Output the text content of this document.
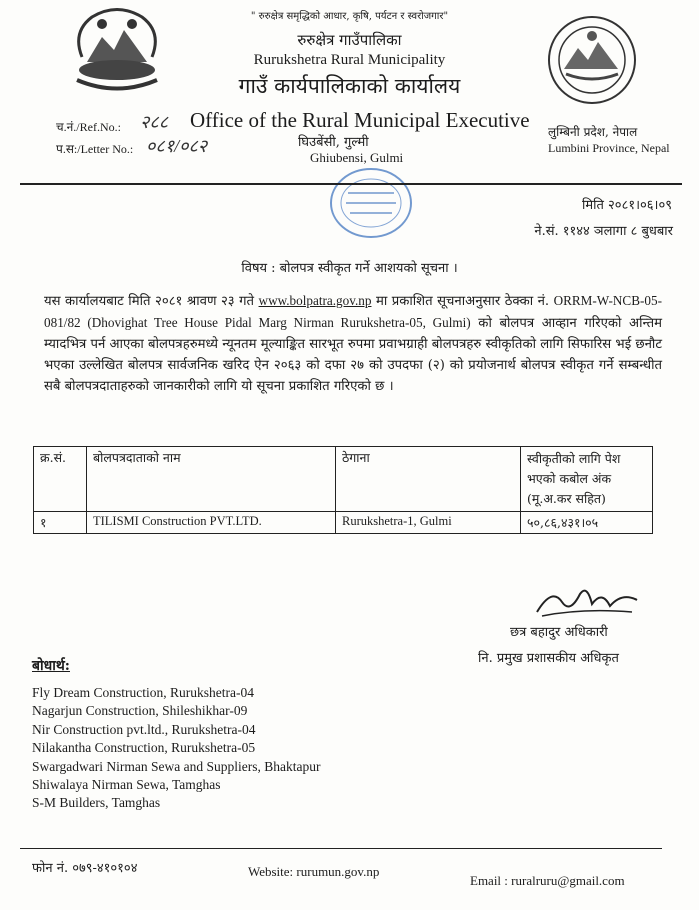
" रुरुक्षेत्र समृद्धिको आधार, कृषि, पर्यटन र स्वरोजगार"
रुरुक्षेत्र गाउँपालिका
Rurukshetra Rural Municipality
गाउँ कार्यपालिकाको कार्यालय
Office of the Rural Municipal Executive
च.नं./Ref.No.: २८८
प.स:/Letter No.: ०८१/०८२	घिउबेंसी, गुल्मी
Ghiubensi, Gulmi
लुम्बिनी प्रदेश, नेपाल
Lumbini Province, Nepal
मिति २०८१।०६।०९
ने.सं. ११४४ ञलागा ८ बुधबार
विषय : बोलपत्र स्वीकृत गर्ने आशयको सूचना ।
यस कार्यालयबाट मिति २०८१ श्रावण २३ गते www.bolpatra.gov.np मा प्रकाशित सूचनाअनुसार ठेक्का नं. ORRM-W-NCB-05-081/82 (Dhovighat Tree House Pidal Marg Nirman Rurukshetra-05, Gulmi) को बोलपत्र आव्हान गरिएको अन्तिम म्यादभित्र पर्न आएका बोलपत्रहरुमध्ये न्यूनतम मूल्याङ्कित सारभूत रुपमा प्रवाभग्राही बोलपत्रहरु स्वीकृतिको लागि सिफारिस भई छनौट भएका उल्लेखित बोलपत्र सार्वजनिक खरिद ऐन २०६३ को दफा २७ को उपदफा (२) को प्रयोजनार्थ बोलपत्र स्वीकृत गर्ने सम्बन्धीत सबै बोलपत्रदाताहरुको जानकारीको लागि यो सूचना प्रकाशित गरिएको छ ।
क्र.सं.	बोलपत्रदाताको नाम	ठेगाना	स्वीकृतीको लागि पेश भएको कबोल अंक (मू.अ.कर सहित)
१	TILISMI Construction PVT.LTD.	Rurukshetra-1, Gulmi	५०,८६,४३१।०५
छत्र बहादुर अधिकारी
नि. प्रमुख प्रशासकीय अधिकृत
बोधार्थ:
Fly Dream Construction, Rurukshetra-04
Nagarjun Construction, Shileshikhar-09
Nir Construction pvt.ltd., Rurukshetra-04
Nilakantha Construction, Rurukshetra-05
Swargadwari Nirman Sewa and Suppliers, Bhaktapur
Shiwalaya Nirman Sewa, Tamghas
S-M Builders, Tamghas
फोन नं. ०७९-४१०१०४	Website: rurumun.gov.np
Email : ruralruru@gmail.com
